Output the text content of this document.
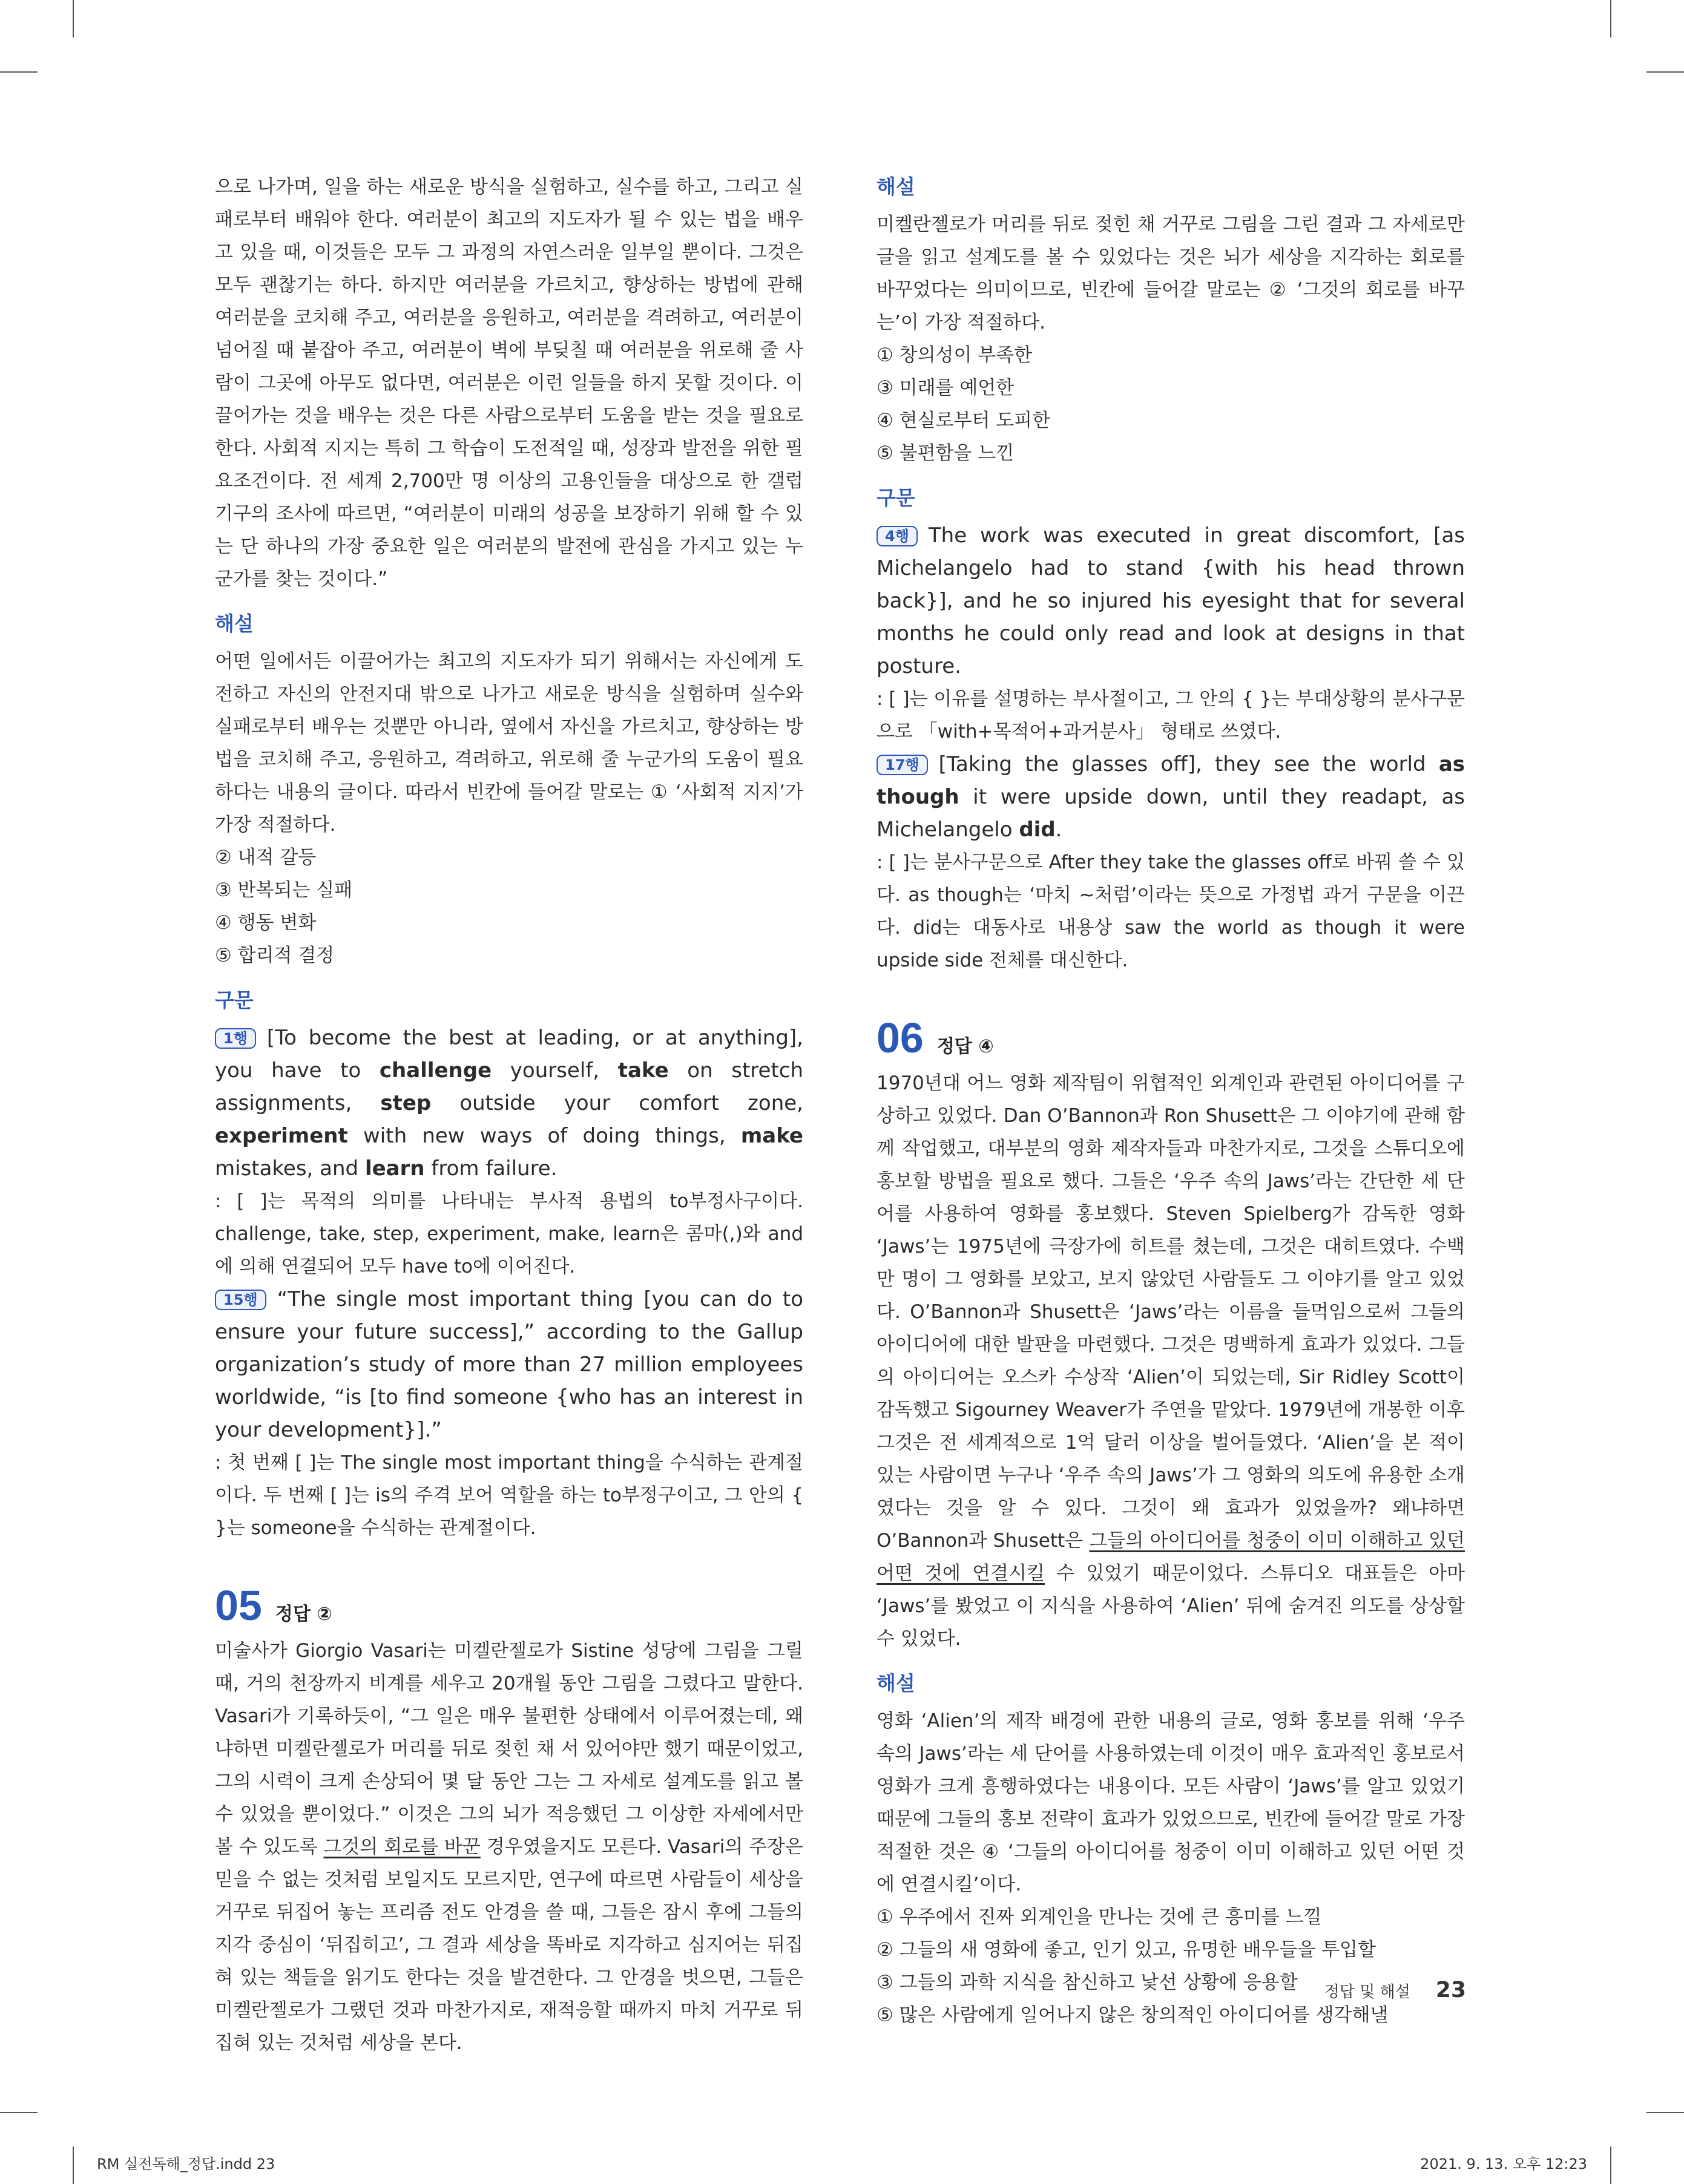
으로 나가며, 일을 하는 새로운 방식을 실험하고, 실수를 하고, 그리고 실패로부터 배워야 한다. 여러분이 최고의 지도자가 될 수 있는 법을 배우고 있을 때, 이것들은 모두 그 과정의 자연스러운 일부일 뿐이다. 그것은 모두 괜찮기는 하다. 하지만 여러분을 가르치고, 향상하는 방법에 관해 여러분을 코치해 주고, 여러분을 응원하고, 여러분을 격려하고, 여러분이 넘어질 때 붙잡아 주고, 여러분이 벽에 부딪칠 때 여러분을 위로해 줄 사람이 그곳에 아무도 없다면, 여러분은 이런 일들을 하지 못할 것이다. 이끌어가는 것을 배우는 것은 다른 사람으로부터 도움을 받는 것을 필요로 한다. 사회적 지지는 특히 그 학습이 도전적일 때, 성장과 발전을 위한 필요조건이다. 전 세계 2,700만 명 이상의 고용인들을 대상으로 한 갤럽 기구의 조사에 따르면, “여러분이 미래의 성공을 보장하기 위해 할 수 있는 단 하나의 가장 중요한 일은 여러분의 발전에 관심을 가지고 있는 누군가를 찾는 것이다.”

해설

어떤 일에서든 이끌어가는 최고의 지도자가 되기 위해서는 자신에게 도전하고 자신의 안전지대 밖으로 나가고 새로운 방식을 실험하며 실수와 실패로부터 배우는 것뿐만 아니라, 옆에서 자신을 가르치고, 향상하는 방법을 코치해 주고, 응원하고, 격려하고, 위로해 줄 누군가의 도움이 필요하다는 내용의 글이다. 따라서 빈칸에 들어갈 말로는 ① ‘사회적 지지’가 가장 적절하다.

② 내적 갈등

③ 반복되는 실패

④ 행동 변화

⑤ 합리적 결정

구문

1행 [To become the best at leading, or at anything], you have to challenge yourself, take on stretch assignments, step outside your comfort zone, experiment with new ways of doing things, make mistakes, and learn from failure.

: [ ]는 목적의 의미를 나타내는 부사적 용법의 to부정사구이다. challenge, take, step, experiment, make, learn은 콤마(,)와 and에 의해 연결되어 모두 have to에 이어진다.

15행 “The single most important thing [you can do to ensure your future success],” according to the Gallup organization’s study of more than 27 million employees worldwide, “is [to find someone {who has an interest in your development}].”

: 첫 번째 [ ]는 The single most important thing을 수식하는 관계절이다. 두 번째 [ ]는 is의 주격 보어 역할을 하는 to부정구이고, 그 안의 { }는 someone을 수식하는 관계절이다.

05 정답 ②

미술사가 Giorgio Vasari는 미켈란젤로가 Sistine 성당에 그림을 그릴 때, 거의 천장까지 비계를 세우고 20개월 동안 그림을 그렸다고 말한다. Vasari가 기록하듯이, “그 일은 매우 불편한 상태에서 이루어졌는데, 왜냐하면 미켈란젤로가 머리를 뒤로 젖힌 채 서 있어야만 했기 때문이었고, 그의 시력이 크게 손상되어 몇 달 동안 그는 그 자세로 설계도를 읽고 볼 수 있었을 뿐이었다.” 이것은 그의 뇌가 적응했던 그 이상한 자세에서만 볼 수 있도록 그것의 회로를 바꾼 경우였을지도 모른다. Vasari의 주장은 믿을 수 없는 것처럼 보일지도 모르지만, 연구에 따르면 사람들이 세상을 거꾸로 뒤집어 놓는 프리즘 전도 안경을 쓸 때, 그들은 잠시 후에 그들의 지각 중심이 ‘뒤집히고’, 그 결과 세상을 똑바로 지각하고 심지어는 뒤집혀 있는 책들을 읽기도 한다는 것을 발견한다. 그 안경을 벗으면, 그들은 미켈란젤로가 그랬던 것과 마찬가지로, 재적응할 때까지 마치 거꾸로 뒤집혀 있는 것처럼 세상을 본다.

해설

미켈란젤로가 머리를 뒤로 젖힌 채 거꾸로 그림을 그린 결과 그 자세로만 글을 읽고 설계도를 볼 수 있었다는 것은 뇌가 세상을 지각하는 회로를 바꾸었다는 의미이므로, 빈칸에 들어갈 말로는 ② ‘그것의 회로를 바꾸는’이 가장 적절하다.

① 창의성이 부족한

③ 미래를 예언한

④ 현실로부터 도피한

⑤ 불편함을 느낀

구문

4행 The work was executed in great discomfort, [as Michelangelo had to stand {with his head thrown back}], and he so injured his eyesight that for several months he could only read and look at designs in that posture.

: [ ]는 이유를 설명하는 부사절이고, 그 안의 { }는 부대상황의 분사구문으로 「with+목적어+과거분사」 형태로 쓰였다.

17행 [Taking the glasses off], they see the world as though it were upside down, until they readapt, as Michelangelo did.

: [ ]는 분사구문으로 After they take the glasses off로 바꿔 쓸 수 있다. as though는 ‘마치 ~처럼’이라는 뜻으로 가정법 과거 구문을 이끈다. did는 대동사로 내용상 saw the world as though it were upside side 전체를 대신한다.

06 정답 ④

1970년대 어느 영화 제작팀이 위협적인 외계인과 관련된 아이디어를 구상하고 있었다. Dan O’Bannon과 Ron Shusett은 그 이야기에 관해 함께 작업했고, 대부분의 영화 제작자들과 마찬가지로, 그것을 스튜디오에 홍보할 방법을 필요로 했다. 그들은 ‘우주 속의 Jaws’라는 간단한 세 단어를 사용하여 영화를 홍보했다. Steven Spielberg가 감독한 영화 ‘Jaws’는 1975년에 극장가에 히트를 쳤는데, 그것은 대히트였다. 수백만 명이 그 영화를 보았고, 보지 않았던 사람들도 그 이야기를 알고 있었다. O’Bannon과 Shusett은 ‘Jaws’라는 이름을 들먹임으로써 그들의 아이디어에 대한 발판을 마련했다. 그것은 명백하게 효과가 있었다. 그들의 아이디어는 오스카 수상작 ‘Alien’이 되었는데, Sir Ridley Scott이 감독했고 Sigourney Weaver가 주연을 맡았다. 1979년에 개봉한 이후 그것은 전 세계적으로 1억 달러 이상을 벌어들였다. ‘Alien’을 본 적이 있는 사람이면 누구나 ‘우주 속의 Jaws’가 그 영화의 의도에 유용한 소개였다는 것을 알 수 있다. 그것이 왜 효과가 있었을까? 왜냐하면 O’Bannon과 Shusett은 그들의 아이디어를 청중이 이미 이해하고 있던 어떤 것에 연결시킬 수 있었기 때문이었다. 스튜디오 대표들은 아마 ‘Jaws’를 봤었고 이 지식을 사용하여 ‘Alien’ 뒤에 숨겨진 의도를 상상할 수 있었다.

해설

영화 ‘Alien’의 제작 배경에 관한 내용의 글로, 영화 홍보를 위해 ‘우주 속의 Jaws’라는 세 단어를 사용하였는데 이것이 매우 효과적인 홍보로서 영화가 크게 흥행하였다는 내용이다. 모든 사람이 ‘Jaws’를 알고 있었기 때문에 그들의 홍보 전략이 효과가 있었으므로, 빈칸에 들어갈 말로 가장 적절한 것은 ④ ‘그들의 아이디어를 청중이 이미 이해하고 있던 어떤 것에 연결시킬’이다.

① 우주에서 진짜 외계인을 만나는 것에 큰 흥미를 느낄

② 그들의 새 영화에 좋고, 인기 있고, 유명한 배우들을 투입할

③ 그들의 과학 지식을 참신하고 낯선 상황에 응용할

⑤ 많은 사람에게 일어나지 않은 창의적인 아이디어를 생각해낼

정답 및 해설 23
RM 실전독해_정답.indd 23	2021. 9. 13. 오후 12:23
